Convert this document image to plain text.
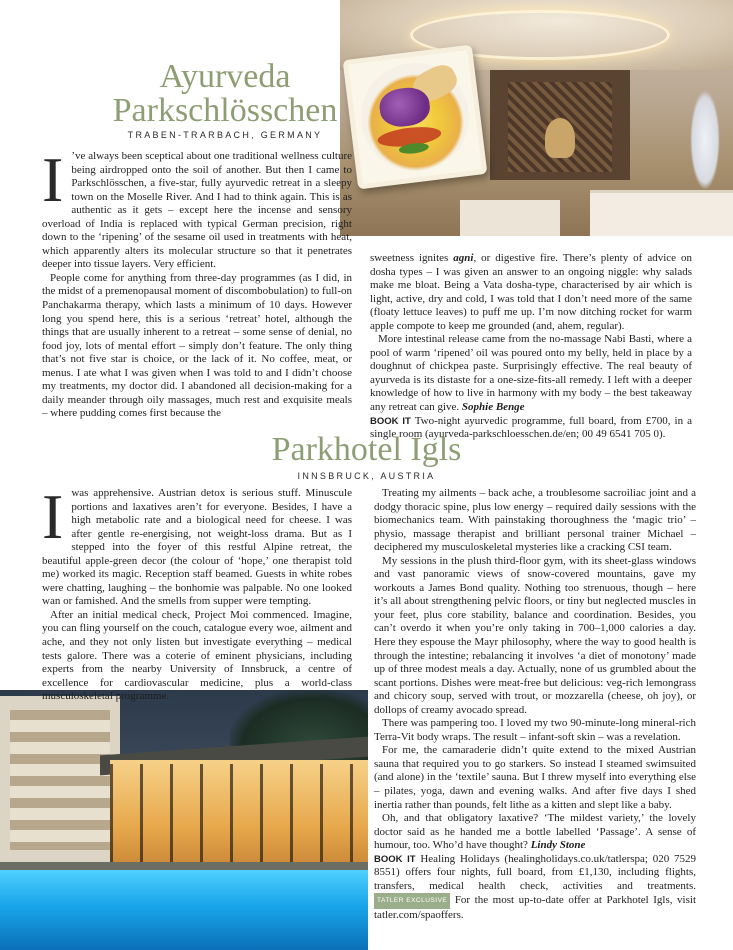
Ayurveda
Parkschlösschen
TRABEN-TRARBACH, GERMANY
I ’ve always been sceptical about one traditional wellness culture being airdropped onto the soil of another. But then I came to Parkschlösschen, a five-star, fully ayurvedic retreat in a sleepy town on the Moselle River. And I had to think again. This is as authentic as it gets – except here the incense and sensory overload of India is replaced with typical German precision, right down to the ‘ripening’ of the sesame oil used in treatments with heat, which apparently alters its molecular structure so that it penetrates deeper into tissue layers. Very efficient.

People come for anything from three-day programmes (as I did, in the midst of a premenopausal moment of discombobulation) to full-on Panchakarma therapy, which lasts a minimum of 10 days. However long you spend here, this is a serious ‘retreat’ hotel, although the things that are usually inherent to a retreat – some sense of denial, no food joy, lots of mental effort – simply don’t feature. The only thing that’s not five star is choice, or the lack of it. No coffee, meat, or menus. I ate what I was given when I was told to and I didn’t choose my treatments, my doctor did. I abandoned all decision-making for a daily meander through oily massages, much rest and exquisite meals – where pudding comes first because the

sweetness ignites agni, or digestive fire. There’s plenty of advice on dosha types – I was given an answer to an ongoing niggle: why salads make me bloat. Being a Vata dosha-type, characterised by air which is light, active, dry and cold, I was told that I don’t need more of the same (floaty lettuce leaves) to puff me up. I’m now ditching rocket for warm apple compote to keep me grounded (and, ahem, regular).

More intestinal release came from the no-massage Nabi Basti, where a pool of warm ‘ripened’ oil was poured onto my belly, held in place by a doughnut of chickpea paste. Surprisingly effective. The real beauty of ayurveda is its distaste for a one-size-fits-all remedy. I left with a deeper knowledge of how to live in harmony with my body – the best takeaway any retreat can give. Sophie Benge

BOOK IT Two-night ayurvedic programme, full board, from £700, in a single room (ayurveda-parkschloesschen.de/en; 00 49 6541 705 0).

Parkhotel Igls
INNSBRUCK, AUSTRIA
I was apprehensive. Austrian detox is serious stuff. Minuscule portions and laxatives aren’t for everyone. Besides, I have a high metabolic rate and a biological need for cheese. I was after gentle re-energising, not weight-loss drama. But as I stepped into the foyer of this restful Alpine retreat, the beautiful apple-green decor (the colour of ‘hope,’ one therapist told me) worked its magic. Reception staff beamed. Guests in white robes were chatting, laughing – the bonhomie was palpable. No one looked wan or famished. And the smells from supper were tempting.

After an initial medical check, Project Moi commenced. Imagine, you can fling yourself on the couch, catalogue every woe, ailment and ache, and they not only listen but investigate everything – medical tests galore. There was a coterie of eminent physicians, including experts from the nearby University of Innsbruck, a centre of excellence for cardiovascular medicine, plus a world-class musculoskeletal programme.

Treating my ailments – back ache, a troublesome sacroiliac joint and a dodgy thoracic spine, plus low energy – required daily sessions with the biomechanics team. With painstaking thoroughness the ‘magic trio’ – physio, massage therapist and brilliant personal trainer Michael – deciphered my musculoskeletal mysteries like a cracking CSI team.

My sessions in the plush third-floor gym, with its sheet-glass windows and vast panoramic views of snow-covered mountains, gave my workouts a James Bond quality. Nothing too strenuous, though – here it’s all about strengthening pelvic floors, or tiny but neglected muscles in your feet, plus core stability, balance and coordination. Besides, you can’t overdo it when you’re only taking in 700–1,000 calories a day. Here they espouse the Mayr philosophy, where the way to good health is through the intestine; rebalancing it involves ‘a diet of monotony’ made up of three modest meals a day. Actually, none of us grumbled about the scant portions. Dishes were meat-free but delicious: veg-rich lemongrass and chicory soup, served with trout, or mozzarella (cheese, oh joy), or dollops of creamy avocado spread.

There was pampering too. I loved my two 90-minute-long mineral-rich Terra-Vit body wraps. The result – infant-soft skin – was a revelation.

For me, the camaraderie didn’t quite extend to the mixed Austrian sauna that required you to go starkers. So instead I steamed swimsuited (and alone) in the ‘textile’ sauna. But I threw myself into everything else – pilates, yoga, dawn and evening walks. And after five days I shed inertia rather than pounds, felt lithe as a kitten and slept like a baby.

Oh, and that obligatory laxative? ‘The mildest variety,’ the lovely doctor said as he handed me a bottle labelled ‘Passage’. A sense of humour, too. Who’d have thought? Lindy Stone

BOOK IT Healing Holidays (healingholidays.co.uk/tatlerspa; 020 7529 8551) offers four nights, full board, from £1,130, including flights, transfers, medical health check, activities and treatments. TATLER EXCLUSIVE For the most up-to-date offer at Parkhotel Igls, visit tatler.com/spaoffers.
